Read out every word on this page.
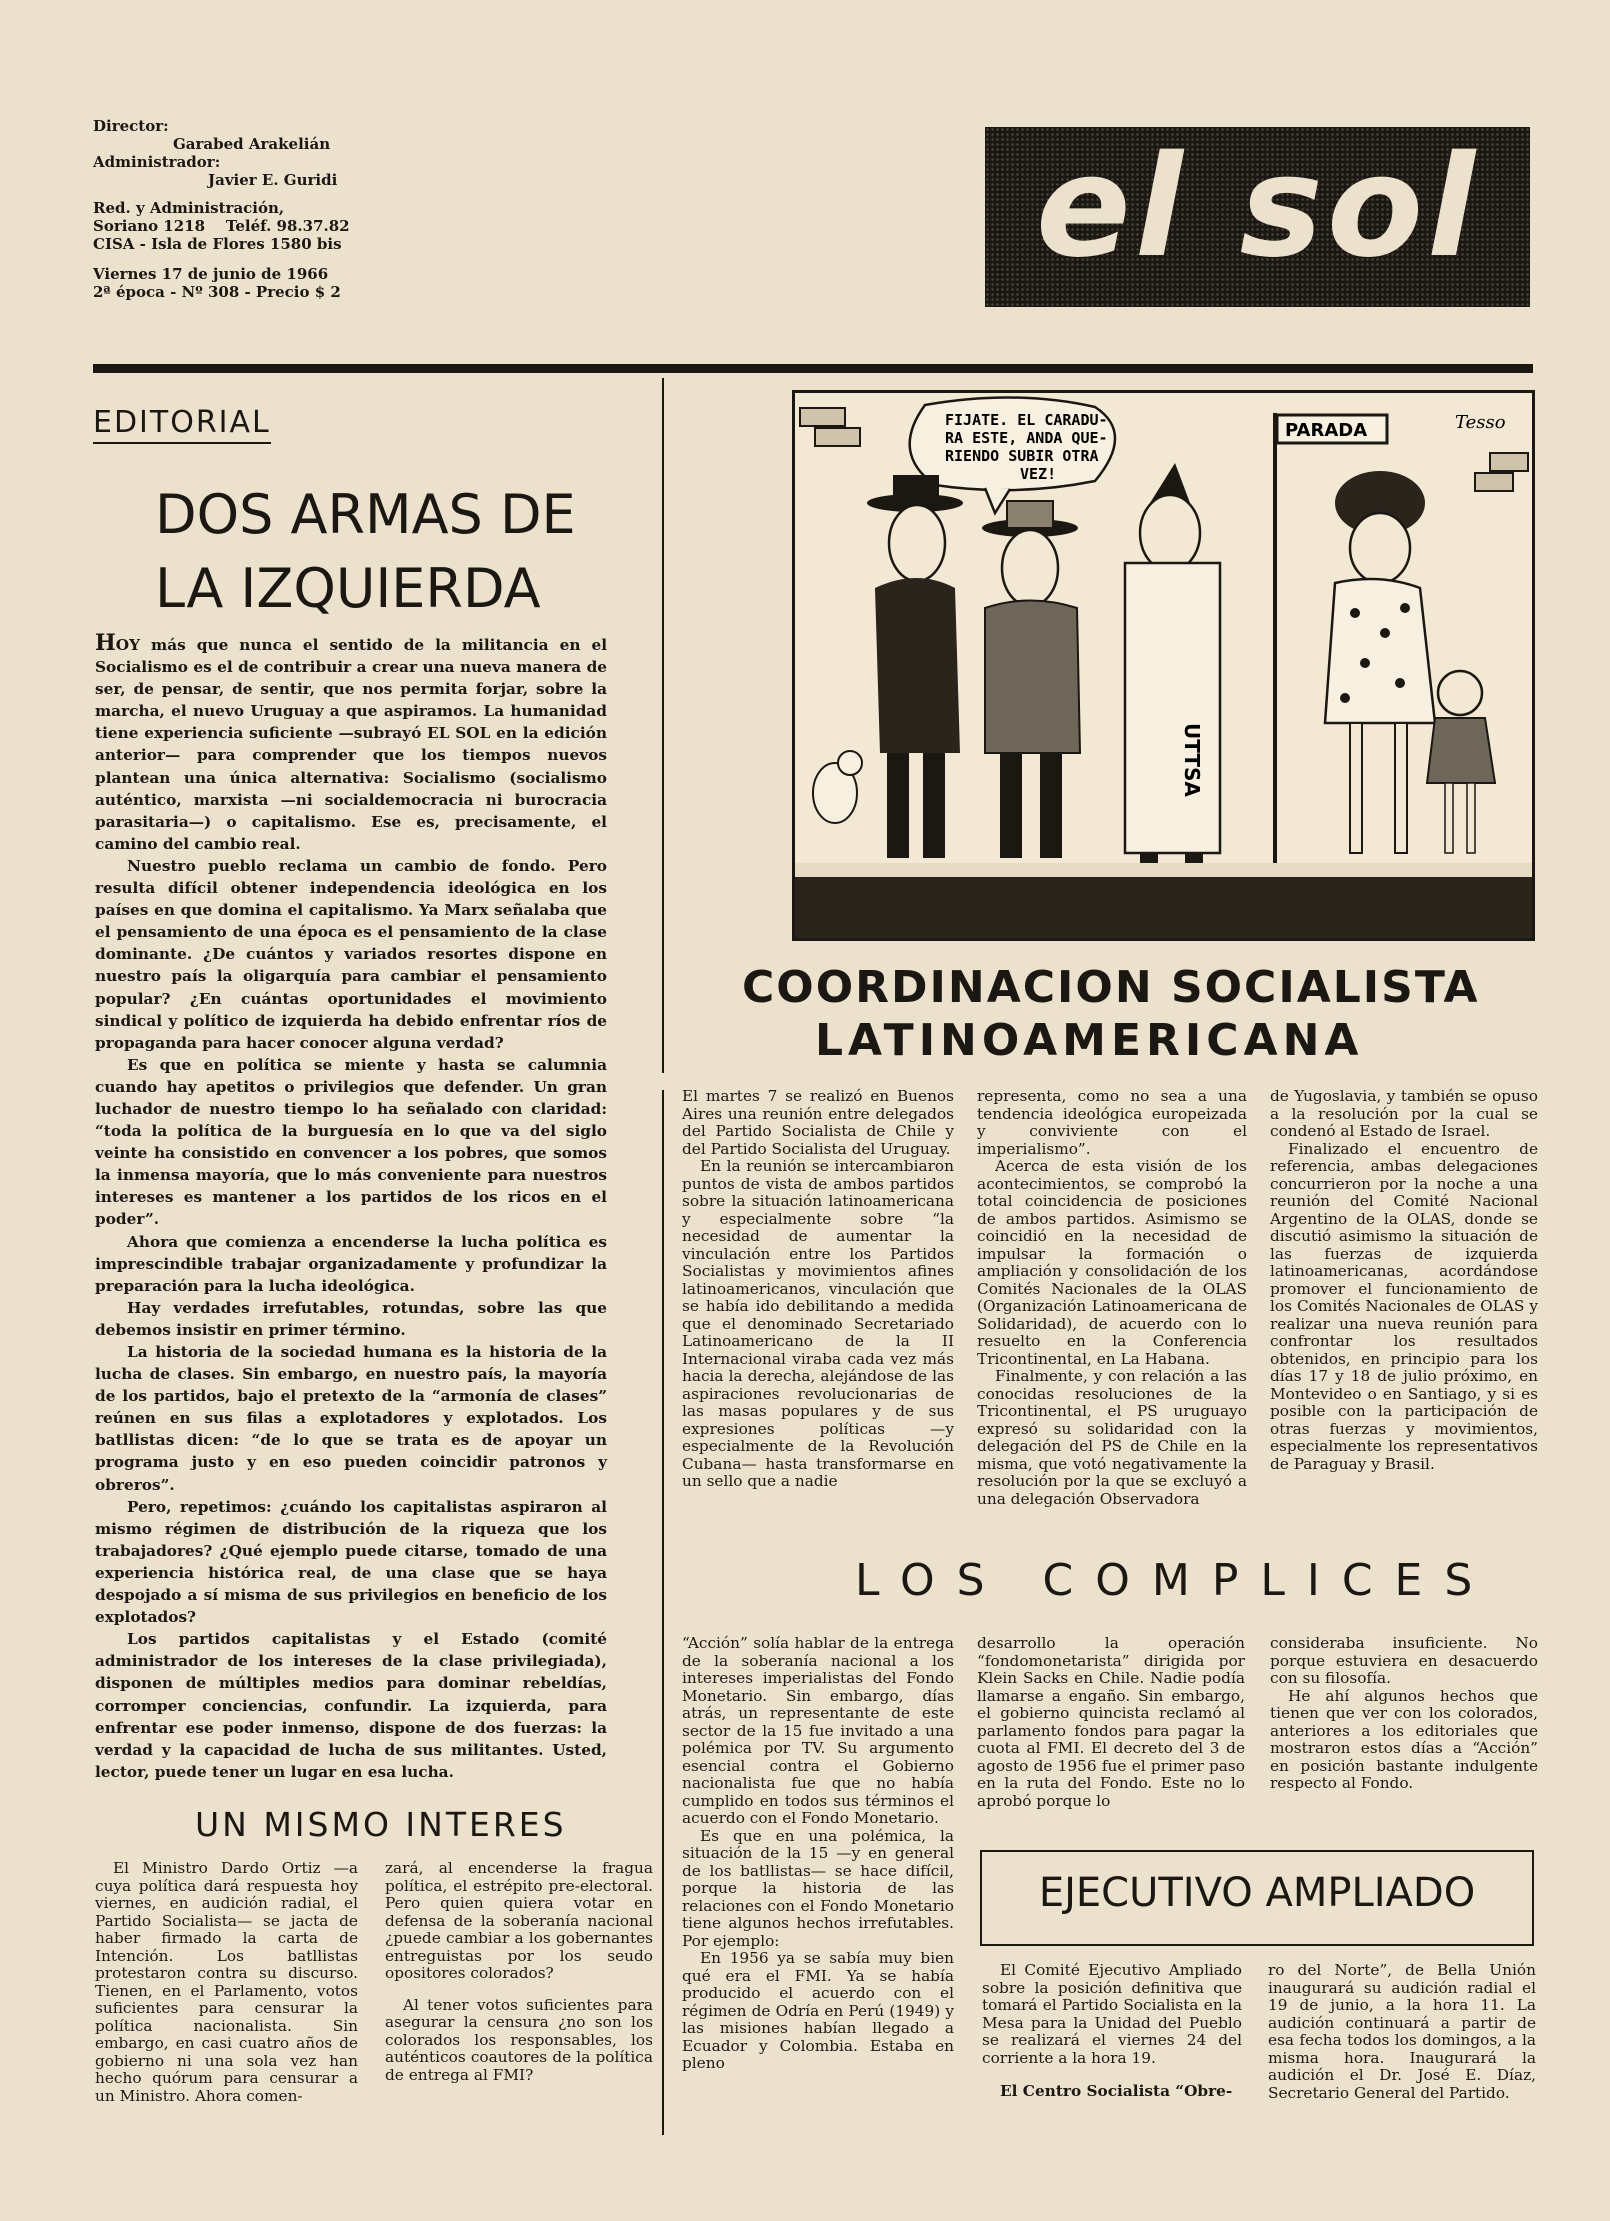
Director:
Garabed Arakelián
Administrador:
Javier E. Guridi
Red. y Administración,
Soriano 1218    Teléf. 98.37.82
CISA - Isla de Flores 1580 bis
Viernes 17 de junio de 1966
2ª época - Nº 308 - Precio $ 2
el sol
EDITORIAL
DOS ARMAS DE
LA IZQUIERDA

HOY más que nunca el sentido de la militancia en el Socialismo es el de contribuir a crear una nueva manera de ser, de pensar, de sentir, que nos permita forjar, sobre la marcha, el nuevo Uruguay a que aspiramos. La humanidad tiene experiencia suficiente —subrayó EL SOL en la edición anterior— para comprender que los tiempos nuevos plantean una única alternativa: Socialismo (socialismo auténtico, marxista —ni socialdemocracia ni burocracia parasitaria—) o capitalismo. Ese es, precisamente, el camino del cambio real.

Nuestro pueblo reclama un cambio de fondo. Pero resulta difícil obtener independencia ideológica en los países en que domina el capitalismo. Ya Marx señalaba que el pensamiento de una época es el pensamiento de la clase dominante. ¿De cuántos y variados resortes dispone en nuestro país la oligarquía para cambiar el pensamiento popular? ¿En cuántas oportunidades el movimiento sindical y político de izquierda ha debido enfrentar ríos de propaganda para hacer conocer alguna verdad?

Es que en política se miente y hasta se calumnia cuando hay apetitos o privilegios que defender. Un gran luchador de nuestro tiempo lo ha señalado con claridad: “toda la política de la burguesía en lo que va del siglo veinte ha consistido en convencer a los pobres, que somos la inmensa mayoría, que lo más conveniente para nuestros intereses es mantener a los partidos de los ricos en el poder”.

Ahora que comienza a encenderse la lucha política es imprescindible trabajar organizadamente y profundizar la preparación para la lucha ideológica.

Hay verdades irrefutables, rotundas, sobre las que debemos insistir en primer término.

La historia de la sociedad humana es la historia de la lucha de clases. Sin embargo, en nuestro país, la mayoría de los partidos, bajo el pretexto de la “armonía de clases” reúnen en sus filas a explotadores y explotados. Los batllistas dicen: “de lo que se trata es de apoyar un programa justo y en eso pueden coincidir patronos y obreros”.

Pero, repetimos: ¿cuándo los capitalistas aspiraron al mismo régimen de distribución de la riqueza que los trabajadores? ¿Qué ejemplo puede citarse, tomado de una experiencia histórica real, de una clase que se haya despojado a sí misma de sus privilegios en beneficio de los explotados?

Los partidos capitalistas y el Estado (comité administrador de los intereses de la clase privilegiada), disponen de múltiples medios para dominar rebeldías, corromper conciencias, confundir. La izquierda, para enfrentar ese poder inmenso, dispone de dos fuerzas: la verdad y la capacidad de lucha de sus militantes. Usted, lector, puede tener un lugar en esa lucha.

UN MISMO INTERES

El Ministro Dardo Ortiz —a cuya política dará respuesta hoy viernes, en audición radial, el Partido Socialista— se jacta de haber firmado la carta de Intención. Los batllistas protestaron contra su discurso. Tienen, en el Parlamento, votos suficientes para censurar la política nacionalista. Sin embargo, en casi cuatro años de gobierno ni una sola vez han hecho quórum para censurar a un Ministro. Ahora comen-

zará, al encenderse la fragua política, el estrépito pre-electoral. Pero quien quiera votar en defensa de la soberanía nacional ¿puede cambiar a los gobernantes entreguistas por los seudo opositores colorados?

Al tener votos suficientes para asegurar la censura ¿no son los colorados los responsables, los auténticos coautores de la política de entrega al FMI?

FIJATE. EL CARADU-
RA ESTE, ANDA QUE-
RIENDO SUBIR OTRA
VEZ!
PARADA	Tesso
UTTSA
COORDINACION SOCIALISTA
LATINOAMERICANA

El martes 7 se realizó en Buenos Aires una reunión entre delegados del Partido Socialista de Chile y del Partido Socialista del Uruguay.

En la reunión se intercambiaron puntos de vista de ambos partidos sobre la situación latinoamericana y especialmente sobre “la necesidad de aumentar la vinculación entre los Partidos Socialistas y movimientos afines latinoamericanos, vinculación que se había ido debilitando a medida que el denominado Secretariado Latinoamericano de la II Internacional viraba cada vez más hacia la derecha, alejándose de las aspiraciones revolucionarias de las masas populares y de sus expresiones políticas —y especialmente de la Revolución Cubana— hasta transformarse en un sello que a nadie

representa, como no sea a una tendencia ideológica europeizada y conviviente con el imperialismo”.

Acerca de esta visión de los acontecimientos, se comprobó la total coincidencia de posiciones de ambos partidos. Asimismo se coincidió en la necesidad de impulsar la formación o ampliación y consolidación de los Comités Nacionales de la OLAS (Organización Latinoamericana de Solidaridad), de acuerdo con lo resuelto en la Conferencia Tricontinental, en La Habana.

Finalmente, y con relación a las conocidas resoluciones de la Tricontinental, el PS uruguayo expresó su solidaridad con la delegación del PS de Chile en la misma, que votó negativamente la resolución por la que se excluyó a una delegación Observadora

de Yugoslavia, y también se opuso a la resolución por la cual se condenó al Estado de Israel.

Finalizado el encuentro de referencia, ambas delegaciones concurrieron por la noche a una reunión del Comité Nacional Argentino de la OLAS, donde se discutió asimismo la situación de las fuerzas de izquierda latinoamericanas, acordándose promover el funcionamiento de los Comités Nacionales de OLAS y realizar una nueva reunión para confrontar los resultados obtenidos, en principio para los días 17 y 18 de julio próximo, en Montevideo o en Santiago, y si es posible con la participación de otras fuerzas y movimientos, especialmente los representativos de Paraguay y Brasil.

LOS COMPLICES

“Acción” solía hablar de la entrega de la soberanía nacional a los intereses imperialistas del Fondo Monetario. Sin embargo, días atrás, un representante de este sector de la 15 fue invitado a una polémica por TV. Su argumento esencial contra el Gobierno nacionalista fue que no había cumplido en todos sus términos el acuerdo con el Fondo Monetario.

Es que en una polémica, la situación de la 15 —y en general de los batllistas— se hace difícil, porque la historia de las relaciones con el Fondo Monetario tiene algunos hechos irrefutables. Por ejemplo:

En 1956 ya se sabía muy bien qué era el FMI. Ya se había producido el acuerdo con el régimen de Odría en Perú (1949) y las misiones habían llegado a Ecuador y Colombia. Estaba en pleno

desarrollo la operación “fondomonetarista” dirigida por Klein Sacks en Chile. Nadie podía llamarse a engaño. Sin embargo, el gobierno quincista reclamó al parlamento fondos para pagar la cuota al FMI. El decreto del 3 de agosto de 1956 fue el primer paso en la ruta del Fondo. Este no lo aprobó porque lo

consideraba insuficiente. No porque estuviera en desacuerdo con su filosofía.

He ahí algunos hechos que tienen que ver con los colorados, anteriores a los editoriales que mostraron estos días a “Acción” en posición bastante indulgente respecto al Fondo.

EJECUTIVO AMPLIADO

El Comité Ejecutivo Ampliado sobre la posición definitiva que tomará el Partido Socialista en la Mesa para la Unidad del Pueblo se realizará el viernes 24 del corriente a la hora 19.

El Centro Socialista “Obre-

ro del Norte”, de Bella Unión inaugurará su audición radial el 19 de junio, a la hora 11. La audición continuará a partir de esa fecha todos los domingos, a la misma hora. Inaugurará la audición el Dr. José E. Díaz, Secretario General del Partido.
